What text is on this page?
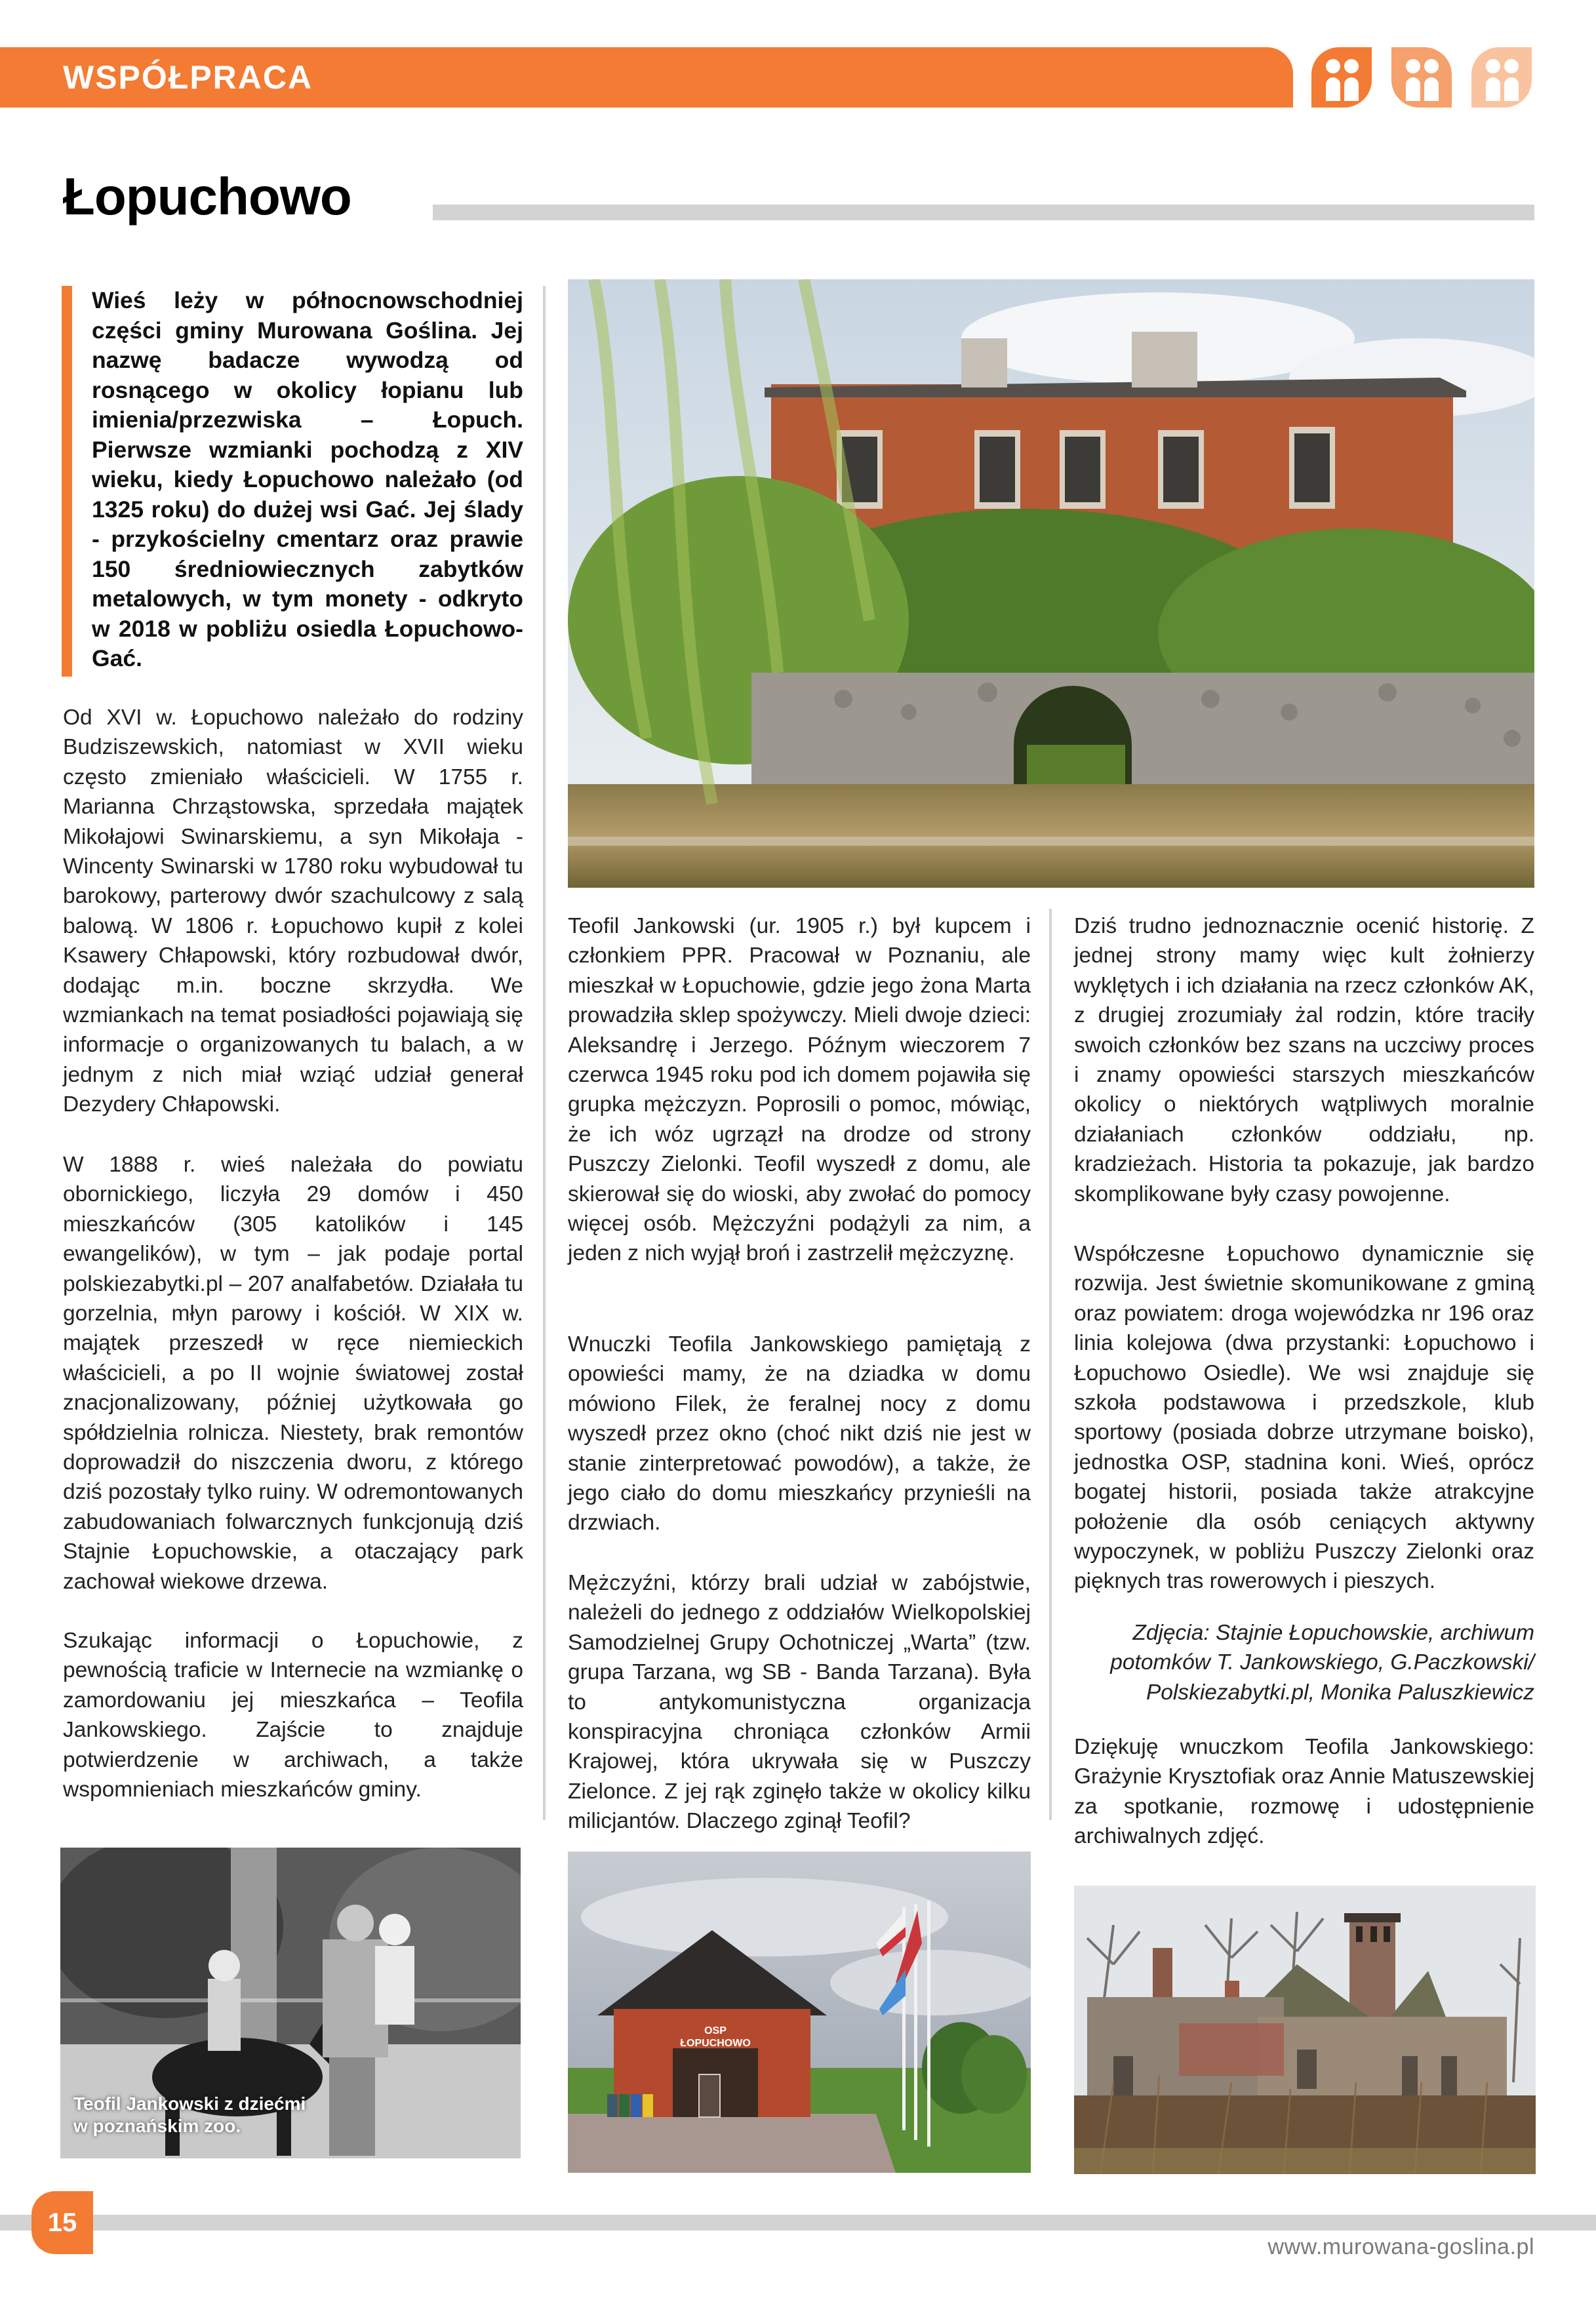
WSPÓŁPRACA
Łopuchowo

Wieś leży w północnowschodniej części gminy Murowana Goślina. Jej nazwę badacze wywodzą od rosnącego w okolicy łopianu lub imienia/przezwiska – Łopuch. Pierwsze wzmianki pochodzą z XIV wieku, kiedy Łopuchowo należało (od 1325 roku) do dużej wsi Gać. Jej ślady - przykościelny cmentarz oraz prawie 150 średniowiecznych zabytków metalowych, w tym monety - odkryto w 2018 w pobliżu osiedla Łopuchowo-Gać.

Od XVI w. Łopuchowo należało do rodziny Budziszewskich, natomiast w XVII wieku często zmieniało właścicieli. W 1755 r. Marianna Chrząstowska, sprzedała majątek Mikołajowi Swinarskiemu, a syn Mikołaja - Wincenty Swinarski w 1780 roku wybudował tu barokowy, parterowy dwór szachulcowy z salą balową. W 1806 r. Łopuchowo kupił z kolei Ksawery Chłapowski, który rozbudował dwór, dodając m.in. boczne skrzydła. We wzmiankach na temat posiadłości pojawiają się informacje o organizowanych tu balach, a w jednym z nich miał wziąć udział generał Dezydery Chłapowski.

W 1888 r. wieś należała do powiatu obornickiego, liczyła 29 domów i 450 mieszkańców (305 katolików i 145 ewangelików), w tym – jak podaje portal polskiezabytki.pl – 207 analfabetów. Działała tu gorzelnia, młyn parowy i kościół. W XIX w. majątek przeszedł w ręce niemieckich właścicieli, a po II wojnie światowej został znacjonalizowany, później użytkowała go spółdzielnia rolnicza. Niestety, brak remontów doprowadził do niszczenia dworu, z którego dziś pozostały tylko ruiny. W odremontowanych zabudowaniach folwarcznych funkcjonują dziś Stajnie Łopuchowskie, a otaczający park zachował wiekowe drzewa.

Szukając informacji o Łopuchowie, z pewnością traficie w Internecie na wzmiankę o zamordowaniu jej mieszkańca – Teofila Jankowskiego. Zajście to znajduje potwierdzenie w archiwach, a także wspomnieniach mieszkańców gminy.

Teofil Jankowski (ur. 1905 r.) był kupcem i członkiem PPR. Pracował w Poznaniu, ale mieszkał w Łopuchowie, gdzie jego żona Marta prowadziła sklep spożywczy. Mieli dwoje dzieci: Aleksandrę i Jerzego. Późnym wieczorem 7 czerwca 1945 roku pod ich domem pojawiła się grupka mężczyzn. Poprosili o pomoc, mówiąc, że ich wóz ugrzązł na drodze od strony Puszczy Zielonki. Teofil wyszedł z domu, ale skierował się do wioski, aby zwołać do pomocy więcej osób. Mężczyźni podążyli za nim, a jeden z nich wyjął broń i zastrzelił mężczyznę.

Wnuczki Teofila Jankowskiego pamiętają z opowieści mamy, że na dziadka w domu mówiono Filek, że feralnej nocy z domu wyszedł przez okno (choć nikt dziś nie jest w stanie zinterpretować powodów), a także, że jego ciało do domu mieszkańcy przynieśli na drzwiach.

Mężczyźni, którzy brali udział w zabójstwie, należeli do jednego z oddziałów Wielkopolskiej Samodzielnej Grupy Ochotniczej „Warta” (tzw. grupa Tarzana, wg SB - Banda Tarzana). Była to antykomunistyczna organizacja konspiracyjna chroniąca członków Armii Krajowej, która ukrywała się w Puszczy Zielonce. Z jej rąk zginęło także w okolicy kilku milicjantów. Dlaczego zginął Teofil?

Dziś trudno jednoznacznie ocenić historię. Z jednej strony mamy więc kult żołnierzy wyklętych i ich działania na rzecz członków AK, z drugiej zrozumiały żal rodzin, które traciły swoich członków bez szans na uczciwy proces i znamy opowieści starszych mieszkańców okolicy o niektórych wątpliwych moralnie działaniach członków oddziału, np. kradzieżach. Historia ta pokazuje, jak bardzo skomplikowane były czasy powojenne.

Współczesne Łopuchowo dynamicznie się rozwija. Jest świetnie skomunikowane z gminą oraz powiatem: droga wojewódzka nr 196 oraz linia kolejowa (dwa przystanki: Łopuchowo i Łopuchowo Osiedle). We wsi znajduje się szkoła podstawowa i przedszkole, klub sportowy (posiada dobrze utrzymane boisko), jednostka OSP, stadnina koni. Wieś, oprócz bogatej historii, posiada także atrakcyjne położenie dla osób ceniących aktywny wypoczynek, w pobliżu Puszczy Zielonki oraz pięknych tras rowerowych i pieszych.

Zdjęcia: Stajnie Łopuchowskie, archiwum potomków T. Jankowskiego, G.Paczkowski/ Polskiezabytki.pl, Monika Paluszkiewicz

Dziękuję wnuczkom Teofila Jankowskiego: Grażynie Krysztofiak oraz Annie Matuszewskiej za spotkanie, rozmowę i udostępnienie archiwalnych zdjęć.

Teofil Jankowski z dziećmi
w poznańskim zoo.
OSP
ŁOPUCHOWO
15
www.murowana-goslina.pl
